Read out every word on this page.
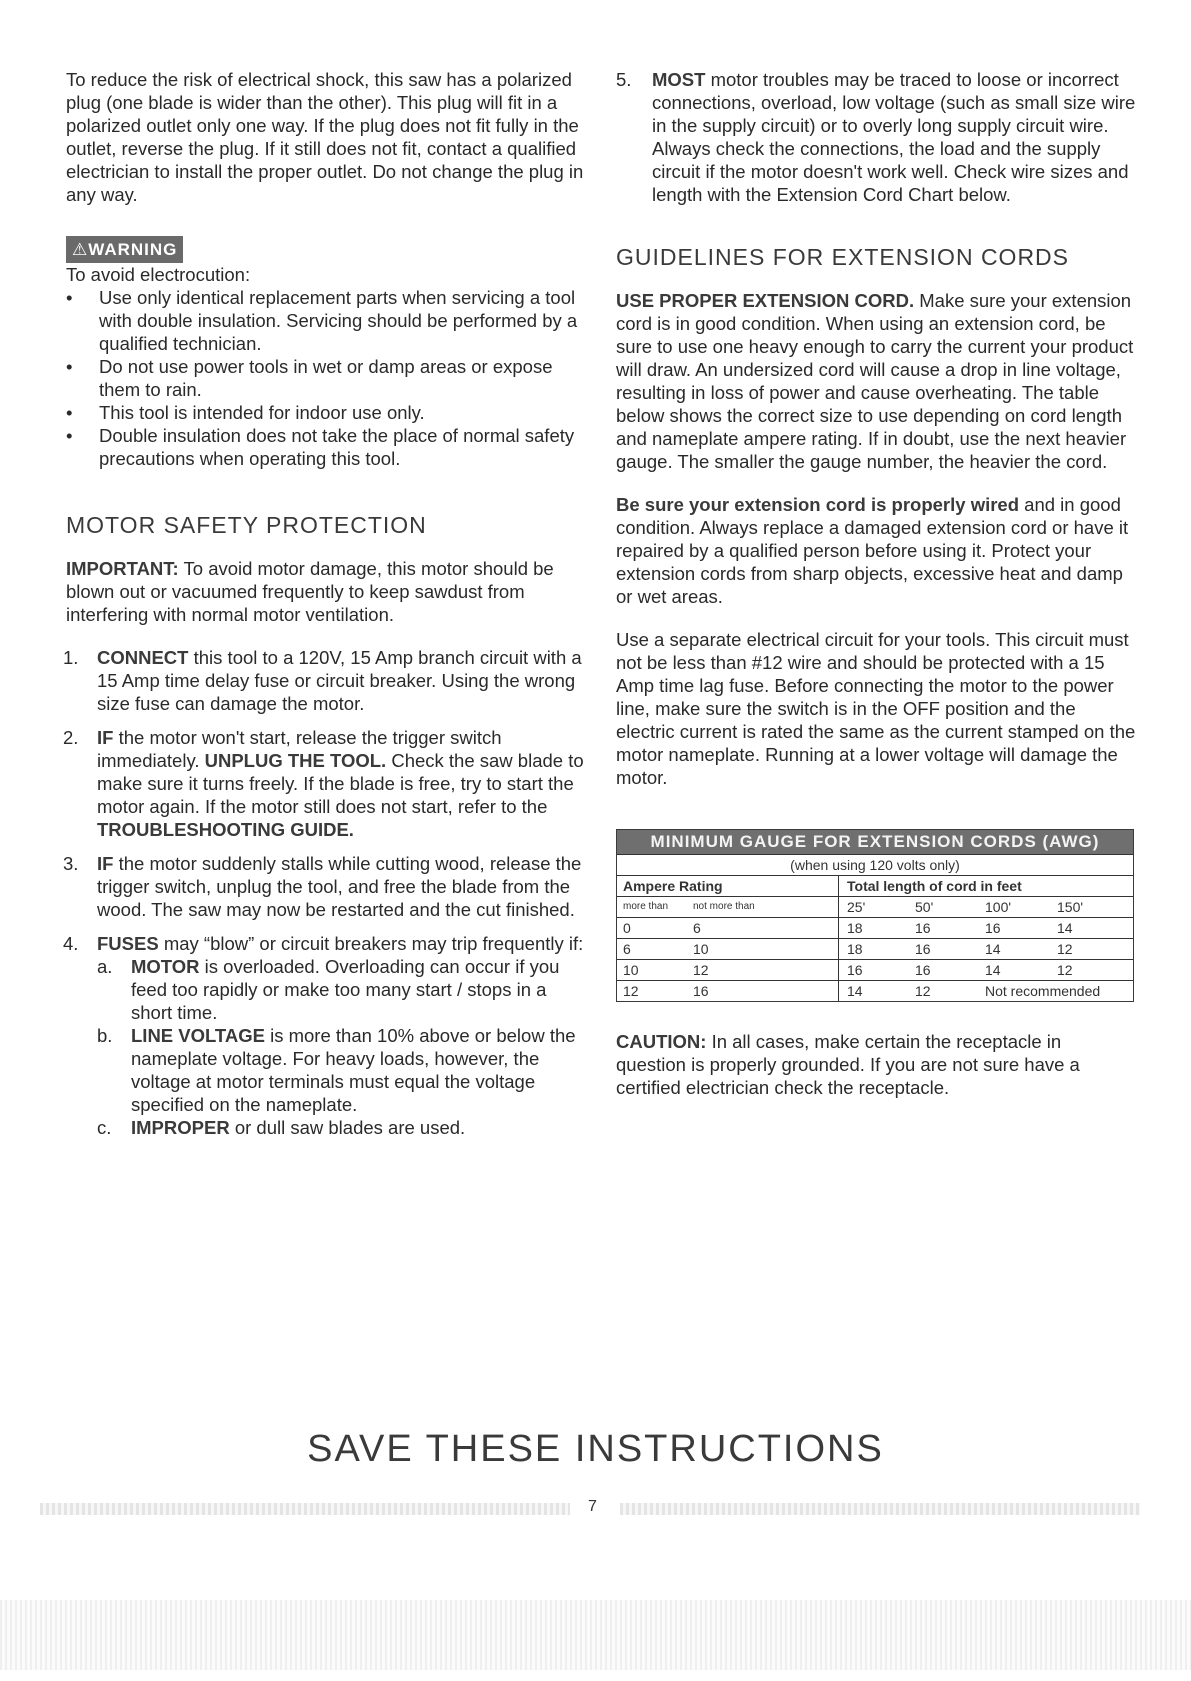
To reduce the risk of electrical shock, this saw has a polarized plug (one blade is wider than the other). This plug will fit in a polarized outlet only one way. If the plug does not fit fully in the outlet, reverse the plug. If it still does not fit, contact a qualified electrician to install the proper outlet. Do not change the plug in any way.

⚠WARNING

To avoid electrocution:

• Use only identical replacement parts when servicing a tool with double insulation. Servicing should be performed by a qualified technician.
• Do not use power tools in wet or damp areas or expose them to rain.
• This tool is intended for indoor use only.
• Double insulation does not take the place of normal safety precautions when operating this tool.
MOTOR SAFETY PROTECTION

IMPORTANT: To avoid motor damage, this motor should be blown out or vacuumed frequently to keep sawdust from interfering with normal motor ventilation.

1. CONNECT this tool to a 120V, 15 Amp branch circuit with a 15 Amp time delay fuse or circuit breaker. Using the wrong size fuse can damage the motor.
2. IF the motor won't start, release the trigger switch immediately. UNPLUG THE TOOL. Check the saw blade to make sure it turns freely. If the blade is free, try to start the motor again. If the motor still does not start, refer to the TROUBLESHOOTING GUIDE.
3. IF the motor suddenly stalls while cutting wood, release the trigger switch, unplug the tool, and free the blade from the wood. The saw may now be restarted and the cut finished.
4. FUSES may “blow” or circuit breakers may trip frequently if:
a. MOTOR is overloaded. Overloading can occur if you feed too rapidly or make too many start / stops in a short time.
b. LINE VOLTAGE is more than 10% above or below the nameplate voltage. For heavy loads, however, the voltage at motor terminals must equal the voltage specified on the nameplate.
c. IMPROPER or dull saw blades are used.

5. MOST motor troubles may be traced to loose or incorrect connections, overload, low voltage (such as small size wire in the supply circuit) or to overly long supply circuit wire. Always check the connections, the load and the supply circuit if the motor doesn't work well. Check wire sizes and length with the Extension Cord Chart below.

GUIDELINES FOR EXTENSION CORDS

USE PROPER EXTENSION CORD. Make sure your extension cord is in good condition. When using an extension cord, be sure to use one heavy enough to carry the current your product will draw. An undersized cord will cause a drop in line voltage, resulting in loss of power and cause overheating. The table below shows the correct size to use depending on cord length and nameplate ampere rating. If in doubt, use the next heavier gauge. The smaller the gauge number, the heavier the cord.

Be sure your extension cord is properly wired and in good condition. Always replace a damaged extension cord or have it repaired by a qualified person before using it. Protect your extension cords from sharp objects, excessive heat and damp or wet areas.

Use a separate electrical circuit for your tools. This circuit must not be less than #12 wire and should be protected with a 15 Amp time lag fuse. Before connecting the motor to the power line, make sure the switch is in the OFF position and the electric current is rated the same as the current stamped on the motor nameplate. Running at a lower voltage will damage the motor.

MINIMUM GAUGE FOR EXTENSION CORDS (AWG)
(when using 120 volts only)
Ampere Rating	Total length of cord in feet
more than	not more than	25'	50'	100'	150'
0	6	18	16	16	14
6	10	18	16	14	12
10	12	16	16	14	12
12	16	14	12	Not recommended

CAUTION: In all cases, make certain the receptacle in question is properly grounded. If you are not sure have a certified electrician check the receptacle.

SAVE THESE INSTRUCTIONS
7
